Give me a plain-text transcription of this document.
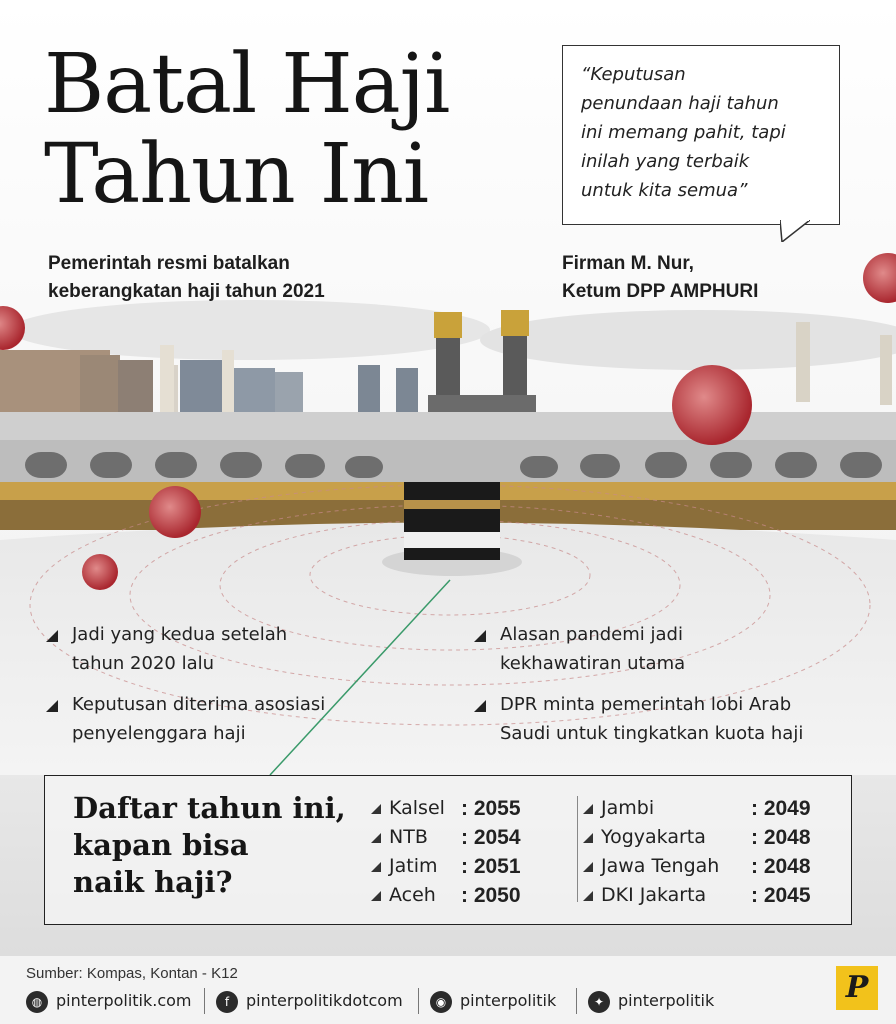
Batal Haji
Tahun Ini
Pemerintah resmi batalkan
keberangkatan haji tahun 2021
“Keputusan
penundaan haji tahun
ini memang pahit, tapi
inilah yang terbaik
untuk kita semua”
Firman M. Nur,
Ketum DPP AMPHURI
Jadi yang kedua setelah
tahun 2020 lalu
Keputusan diterima asosiasi
penyelenggara haji
Alasan pandemi jadi
kekhawatiran utama
DPR minta pemerintah lobi Arab
Saudi untuk tingkatkan kuota haji
Daftar tahun ini,
kapan bisa
naik haji?
Kalsel : 2055
NTB : 2054
Jatim : 2051
Aceh : 2050
Jambi	: 2049
Yogyakarta : 2048
Jawa Tengah : 2048
DKI Jakarta : 2045
Sumber: Kompas, Kontan - K12
◍ pinterpolitik.com	f pinterpolitikdotcom	◉ pinterpolitik	✦ pinterpolitik	P
